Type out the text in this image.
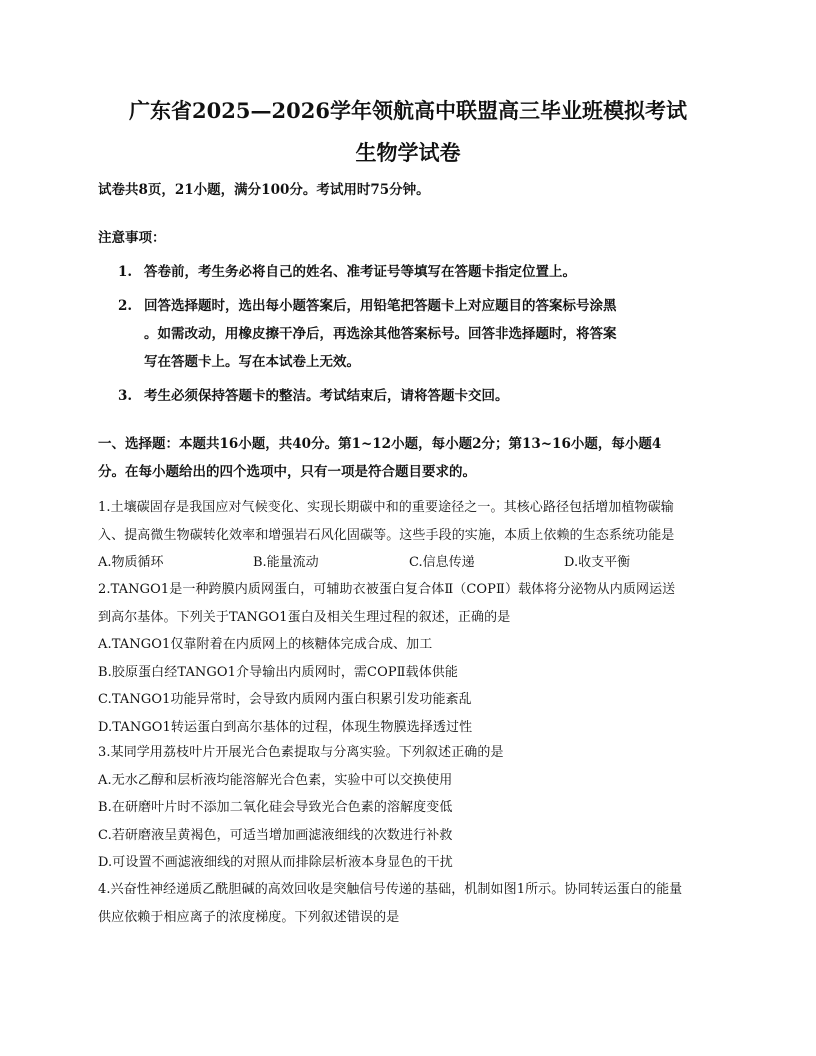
广东省2025—2026学年领航高中联盟高三毕业班模拟考试
生物学试卷
试卷共8页，21小题，满分100分。考试用时75分钟。
注意事项：
1. 答卷前，考生务必将自己的姓名、准考证号等填写在答题卡指定位置上。
2. 回答选择题时，选出每小题答案后，用铅笔把答题卡上对应题目的答案标号涂黑
。如需改动，用橡皮擦干净后，再选涂其他答案标号。回答非选择题时，将答案
写在答题卡上。写在本试卷上无效。
3. 考生必须保持答题卡的整洁。考试结束后，请将答题卡交回。
一、选择题：本题共16小题，共40分。第1~12小题，每小题2分；第13~16小题，每小题4
分。在每小题给出的四个选项中，只有一项是符合题目要求的。
1.土壤碳固存是我国应对气候变化、实现长期碳中和的重要途径之一。其核心路径包括增加植物碳输
入、提高微生物碳转化效率和增强岩石风化固碳等。这些手段的实施，本质上依赖的生态系统功能是
A.物质循环	B.能量流动	C.信息传递	D.收支平衡
2.TANGO1是一种跨膜内质网蛋白，可辅助衣被蛋白复合体Ⅱ（COPⅡ）载体将分泌物从内质网运送
到高尔基体。下列关于TANGO1蛋白及相关生理过程的叙述，正确的是
A.TANGO1仅靠附着在内质网上的核糖体完成合成、加工
B.胶原蛋白经TANGO1介导输出内质网时，需COPⅡ载体供能
C.TANGO1功能异常时，会导致内质网内蛋白积累引发功能紊乱
D.TANGO1转运蛋白到高尔基体的过程，体现生物膜选择透过性
3.某同学用荔枝叶片开展光合色素提取与分离实验。下列叙述正确的是
A.无水乙醇和层析液均能溶解光合色素，实验中可以交换使用
B.在研磨叶片时不添加二氧化硅会导致光合色素的溶解度变低
C.若研磨液呈黄褐色，可适当增加画滤液细线的次数进行补救
D.可设置不画滤液细线的对照从而排除层析液本身显色的干扰
4.兴奋性神经递质乙酰胆碱的高效回收是突触信号传递的基础，机制如图1所示。协同转运蛋白的能量
供应依赖于相应离子的浓度梯度。下列叙述错误的是
